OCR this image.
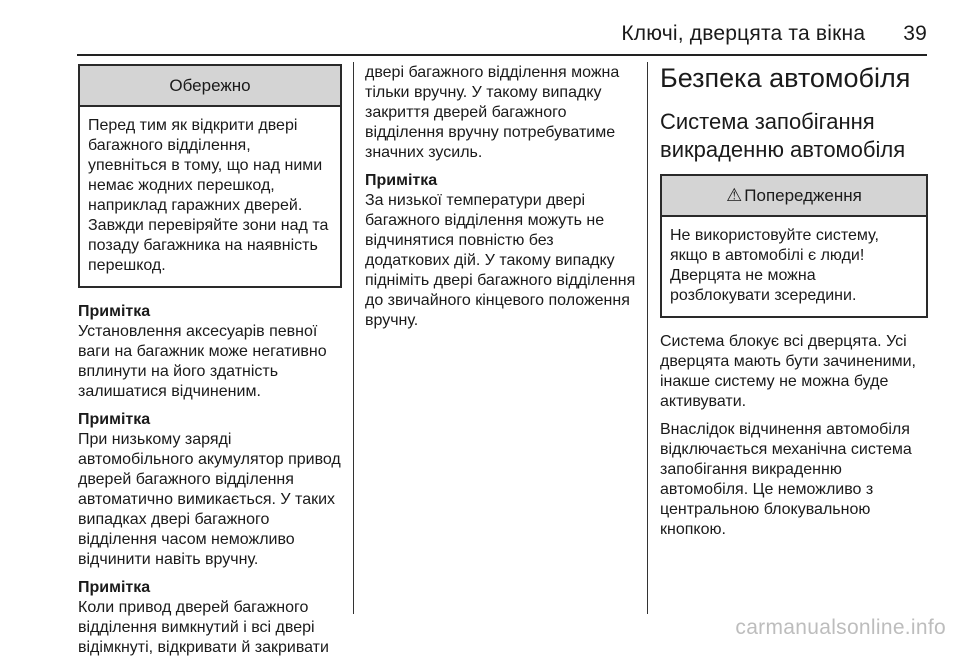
Ключі, дверцята та вікна 39
Обережно
Перед тим як відкрити двері багажного відділення, упевніться в тому, що над ними немає жодних перешкод, наприклад гаражних дверей. Завжди перевіряйте зони над та позаду багажника на наявність перешкод.
Примітка

Установлення аксесуарів певної ваги на багажник може негативно вплинути на його здатність залишатися відчиненим.

Примітка

При низькому заряді автомобільного акумулятор привод дверей багажного відділення автоматично вимикається. У таких випадках двері багажного відділення часом неможливо відчинити навіть вручну.

Примітка

Коли привод дверей багажного відділення вимкнутий і всі двері відімкнуті, відкривати й закривати

двері багажного відділення можна тільки вручну. У такому випадку закриття дверей багажного відділення вручну потребуватиме значних зусиль.

Примітка

За низької температури двері багажного відділення можуть не відчинятися повністю без додаткових дій. У такому випадку підніміть двері багажного відділення до звичайного кінцевого положення вручну.

Безпека автомобіля
Система запобігання викраденню автомобіля
⚠ Попередження
Не використовуйте систему, якщо в автомобілі є люди! Дверцята не можна розблокувати зсередини.

Система блокує всі дверцята. Усі дверцята мають бути зачиненими, інакше систему не можна буде активувати.

Внаслідок відчинення автомобіля відключається механічна система запобігання викраденню автомобіля. Це неможливо з центральною блокувальною кнопкою.

carmanualsonline.info
